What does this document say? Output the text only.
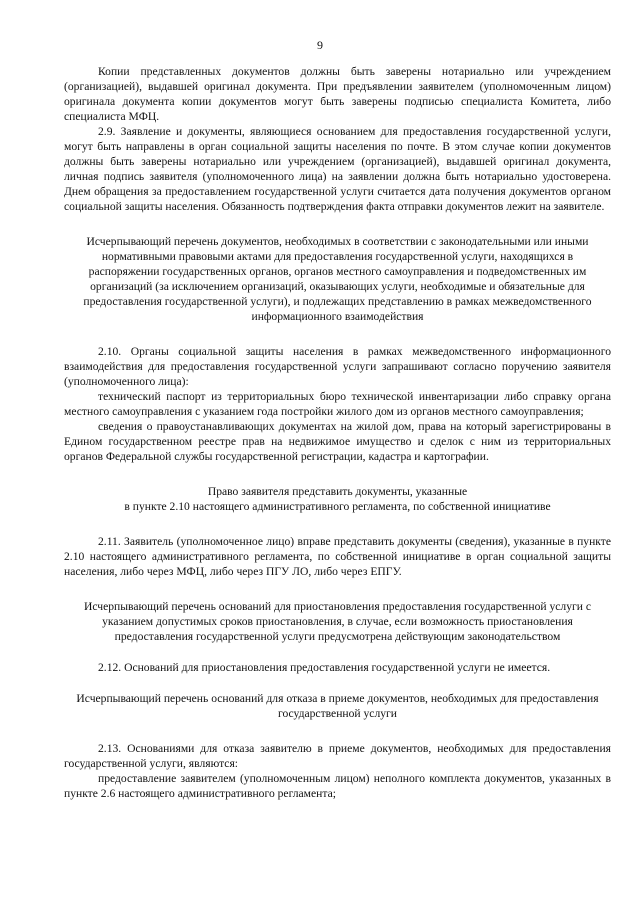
9

Копии представленных документов должны быть заверены нотариально или учреждением (организацией), выдавшей оригинал документа. При предъявлении заявителем (уполномоченным лицом) оригинала документа копии документов могут быть заверены подписью специалиста Комитета, либо специалиста МФЦ.

2.9. Заявление и документы, являющиеся основанием для предоставления государственной услуги, могут быть направлены в орган социальной защиты населения по почте. В этом случае копии документов должны быть заверены нотариально или учреждением (организацией), выдавшей оригинал документа, личная подпись заявителя (уполномоченного лица) на заявлении должна быть нотариально удостоверена. Днем обращения за предоставлением государственной услуги считается дата получения документов органом социальной защиты населения. Обязанность подтверждения факта отправки документов лежит на заявителе.

Исчерпывающий перечень документов, необходимых в соответствии с законодательными или иными нормативными правовыми актами для предоставления государственной услуги, находящихся в распоряжении государственных органов, органов местного самоуправления и подведомственных им организаций (за исключением организаций, оказывающих услуги, необходимые и обязательные для предоставления государственной услуги), и подлежащих представлению в рамках межведомственного информационного взаимодействия

2.10. Органы социальной защиты населения в рамках межведомственного информационного взаимодействия для предоставления государственной услуги запрашивают согласно поручению заявителя (уполномоченного лица):

технический паспорт из территориальных бюро технической инвентаризации либо справку органа местного самоуправления с указанием года постройки жилого дом из органов местного самоуправления;

сведения о правоустанавливающих документах на жилой дом, права на который зарегистрированы в Едином государственном реестре прав на недвижимое имущество и сделок с ним из территориальных органов Федеральной службы государственной регистрации, кадастра и картографии.

Право заявителя представить документы, указанные

в пункте 2.10 настоящего административного регламента, по собственной инициативе

2.11. Заявитель (уполномоченное лицо) вправе представить документы (сведения), указанные в пункте 2.10 настоящего административного регламента, по собственной инициативе в орган социальной защиты населения, либо через МФЦ, либо через ПГУ ЛО, либо через ЕПГУ.

Исчерпывающий перечень оснований для приостановления предоставления государственной услуги с указанием допустимых сроков приостановления, в случае, если возможность приостановления предоставления государственной услуги предусмотрена действующим законодательством

2.12. Оснований для приостановления предоставления государственной услуги не имеется.

Исчерпывающий перечень оснований для отказа в приеме документов, необходимых для предоставления государственной услуги

2.13. Основаниями для отказа заявителю в приеме документов, необходимых для предоставления государственной услуги, являются:

предоставление заявителем (уполномоченным лицом) неполного комплекта документов, указанных в пункте 2.6 настоящего административного регламента;
